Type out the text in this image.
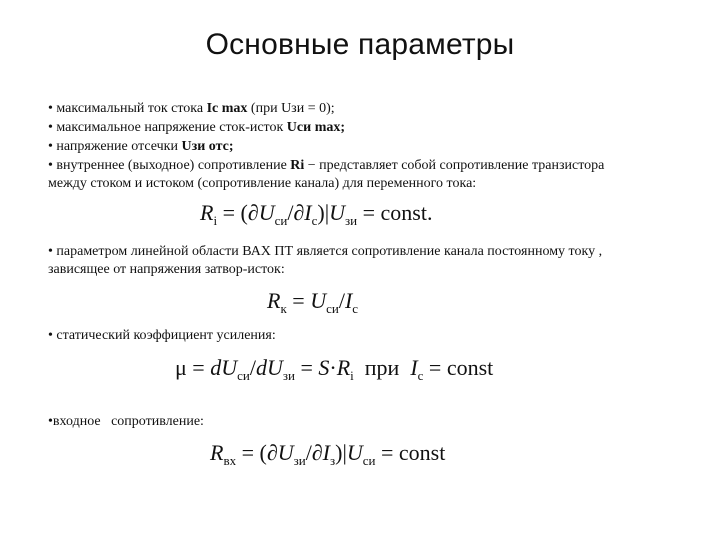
Основные параметры
• максимальный ток стока Ic max (при Uзи = 0);
• максимальное напряжение сток-исток Uси max;
• напряжение отсечки Uзи отс;
• внутреннее (выходное) сопротивление Ri − представляет собой сопротивление транзистора между стоком и истоком (сопротивление канала) для переменного тока:
$R_i = (\partial U_{си}/\partial I_c)|U_{зи}$ = const.
• параметром линейной области ВАХ ПТ является сопротивление канала постоянному току , зависящее от напряжения затвор-исток:
$R_к = U_{си}/I_c$
• статический коэффициент усиления:
$\mu = dU_{си}/dU_{зи} = S\cdot R_i$  при  $I_c$ = const
•входное   сопротивление:
$R_{вх} = (\partial U_{зи}/\partial I_з)|U_{си}$ = const
